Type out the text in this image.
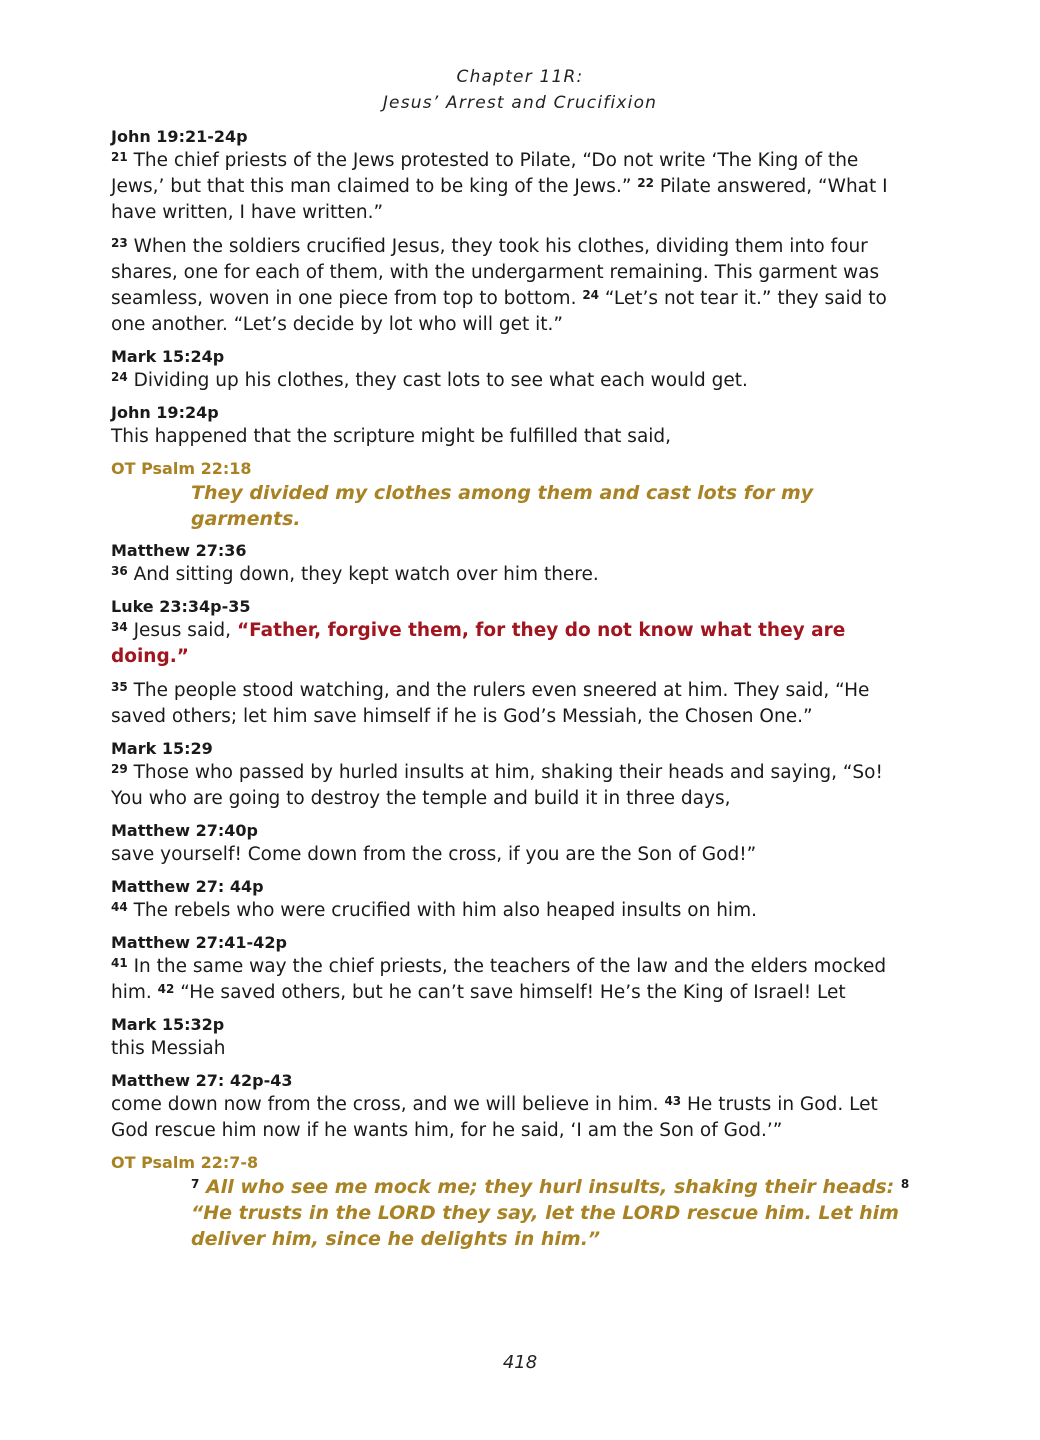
Chapter 11R:
Jesus’ Arrest and Crucifixion
John 19:21-24p
$^{21}$ The chief priests of the Jews protested to Pilate, “Do not write ‘The King of the Jews,’ but that this man claimed to be king of the Jews.” $^{22}$ Pilate answered, “What I have written, I have written.”
$^{23}$ When the soldiers crucified Jesus, they took his clothes, dividing them into four shares, one for each of them, with the undergarment remaining. This garment was seamless, woven in one piece from top to bottom. $^{24}$ “Let’s not tear it.” they said to one another. “Let’s decide by lot who will get it.”
Mark 15:24p
$^{24}$ Dividing up his clothes, they cast lots to see what each would get.
John 19:24p
This happened that the scripture might be fulfilled that said,
OT Psalm 22:18
They divided my clothes among them and cast lots for my garments.
Matthew 27:36
$^{36}$ And sitting down, they kept watch over him there.
Luke 23:34p-35
$^{34}$ Jesus said, “Father, forgive them, for they do not know what they are doing.”
$^{35}$ The people stood watching, and the rulers even sneered at him. They said, “He saved others; let him save himself if he is God’s Messiah, the Chosen One.”
Mark 15:29
$^{29}$ Those who passed by hurled insults at him, shaking their heads and saying, “So! You who are going to destroy the temple and build it in three days,
Matthew 27:40p
save yourself! Come down from the cross, if you are the Son of God!”
Matthew 27: 44p
$^{44}$ The rebels who were crucified with him also heaped insults on him.
Matthew 27:41-42p
$^{41}$ In the same way the chief priests, the teachers of the law and the elders mocked him. $^{42}$ “He saved others, but he can’t save himself! He’s the King of Israel! Let
Mark 15:32p
this Messiah
Matthew 27: 42p-43
come down now from the cross, and we will believe in him. $^{43}$ He trusts in God. Let God rescue him now if he wants him, for he said, ‘I am the Son of God.’”
OT Psalm 22:7-8
$^7$ All who see me mock me; they hurl insults, shaking their heads: $^8$ “He trusts in the LORD they say, let the LORD rescue him. Let him deliver him, since he delights in him.”
418
